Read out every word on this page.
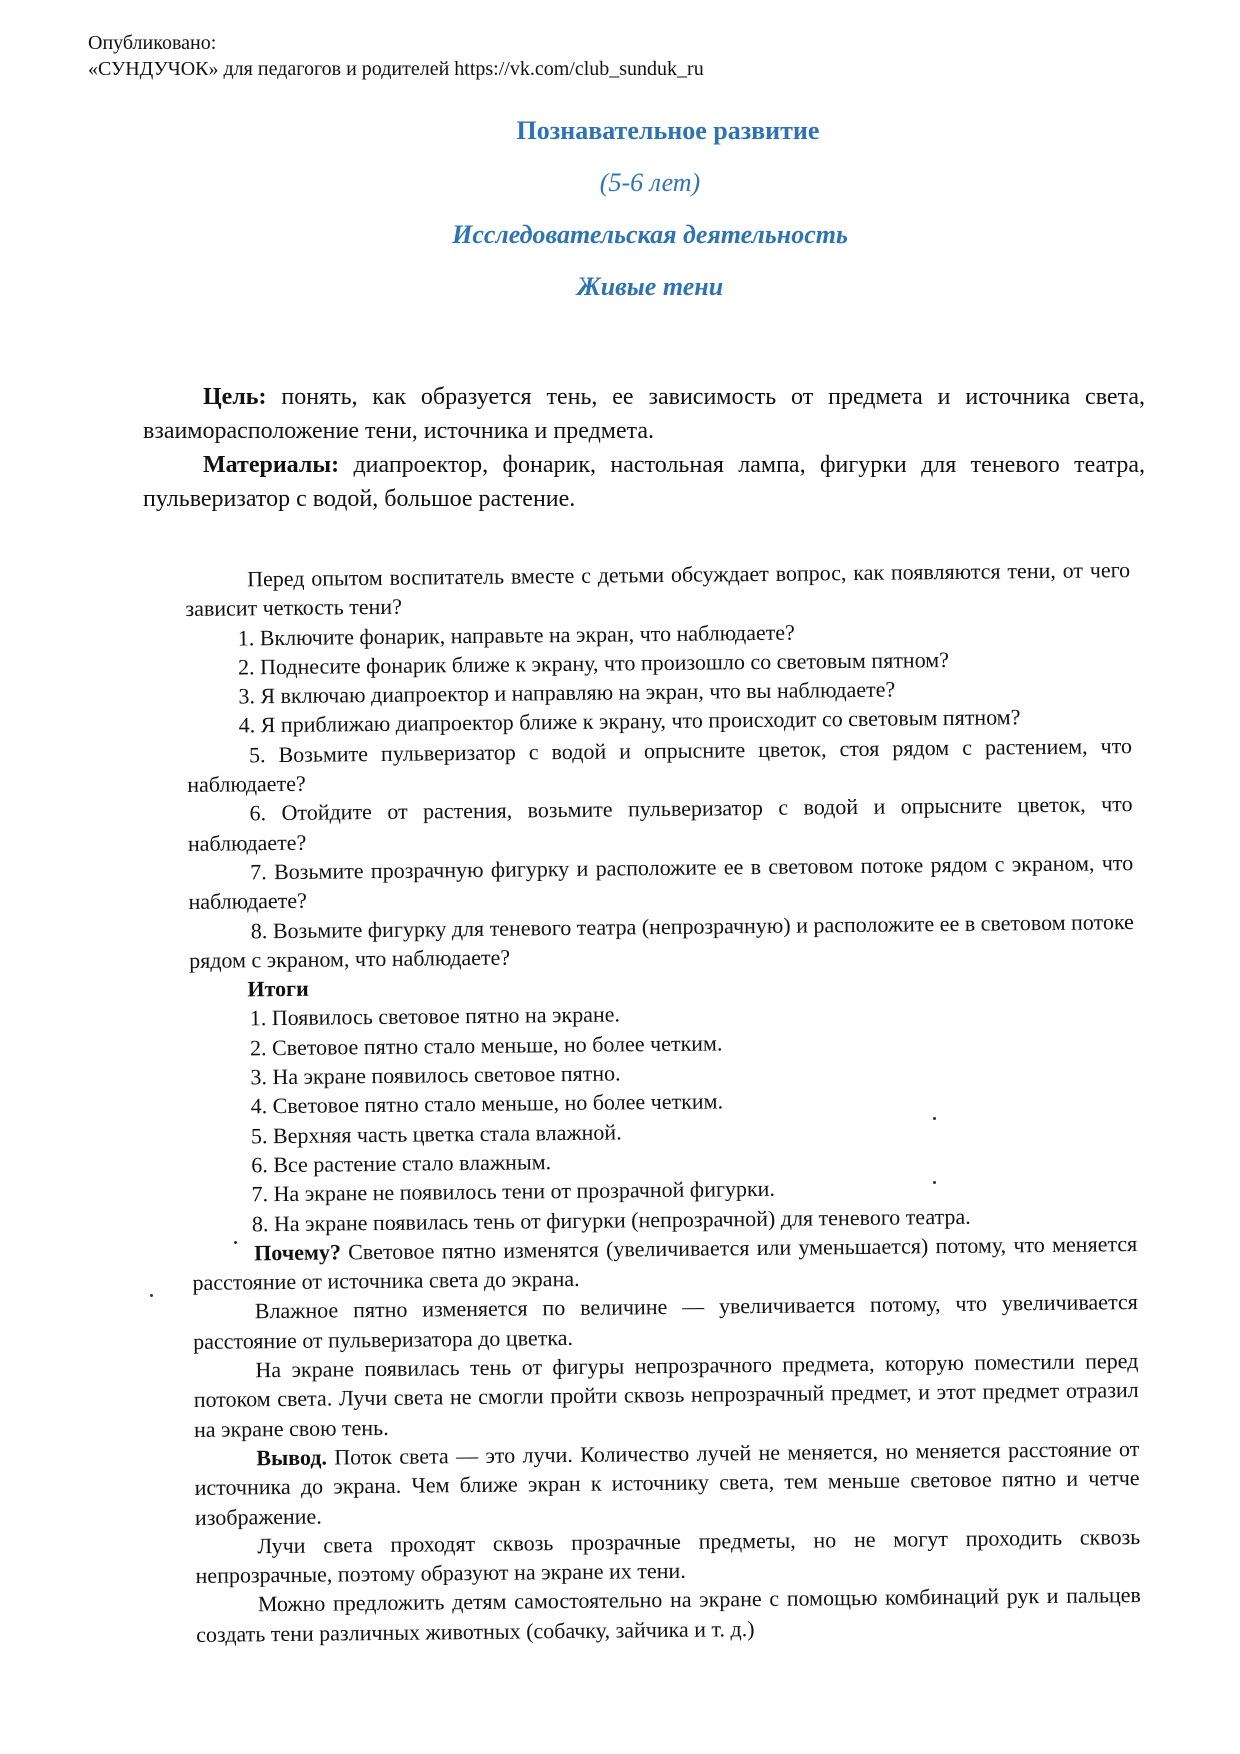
Опубликовано:
«СУНДУЧОК» для педагогов и родителей https://vk.com/club_sunduk_ru
Познавательное развитие
(5-6 лет)
Исследовательская деятельность
Живые тени

Цель: понять, как образуется тень, ее зависимость от предмета и источника света, взаиморасположение тени, источника и предмета.

Материалы: диапроектор, фонарик, настольная лампа, фигурки для теневого театра, пульверизатор с водой, большое растение.

Перед опытом воспитатель вместе с детьми обсуждает вопрос, как появляются тени, от чего зависит четкость тени?

1. Включите фонарик, направьте на экран, что наблюдаете?

2. Поднесите фонарик ближе к экрану, что произошло со световым пятном?

3. Я включаю диапроектор и направляю на экран, что вы наблюдаете?

4. Я приближаю диапроектор ближе к экрану, что происходит со световым пятном?

5. Возьмите пульверизатор с водой и опрысните цветок, стоя рядом с растением, что наблюдаете?

6. Отойдите от растения, возьмите пульверизатор с водой и опрысните цветок, что наблюдаете?

7. Возьмите прозрачную фигурку и расположите ее в световом потоке рядом с экраном, что наблюдаете?

8. Возьмите фигурку для теневого театра (непрозрачную) и расположите ее в световом потоке рядом с экраном, что наблюдаете?

Итоги

1. Появилось световое пятно на экране.

2. Световое пятно стало меньше, но более четким.

3. На экране появилось световое пятно.

4. Световое пятно стало меньше, но более четким.

5. Верхняя часть цветка стала влажной.

6. Все растение стало влажным.

7. На экране не появилось тени от прозрачной фигурки.

8. На экране появилась тень от фигурки (непрозрачной) для теневого театра.

Почему? Световое пятно изменятся (увеличивается или уменьшается) потому, что меняется расстояние от источника света до экрана.

Влажное пятно изменяется по величине — увеличивается потому, что увеличивается расстояние от пульверизатора до цветка.

На экране появилась тень от фигуры непрозрачного предмета, которую поместили перед потоком света. Лучи света не смогли пройти сквозь непрозрачный предмет, и этот предмет отразил на экране свою тень.

Вывод. Поток света — это лучи. Количество лучей не меняется, но меняется расстояние от источника до экрана. Чем ближе экран к источнику света, тем меньше световое пятно и четче изображение.

Лучи света проходят сквозь прозрачные предметы, но не могут проходить сквозь непрозрачные, поэтому образуют на экране их тени.

Можно предложить детям самостоятельно на экране с помощью комбинаций рук и пальцев создать тени различных животных (собачку, зайчика и т. д.)
